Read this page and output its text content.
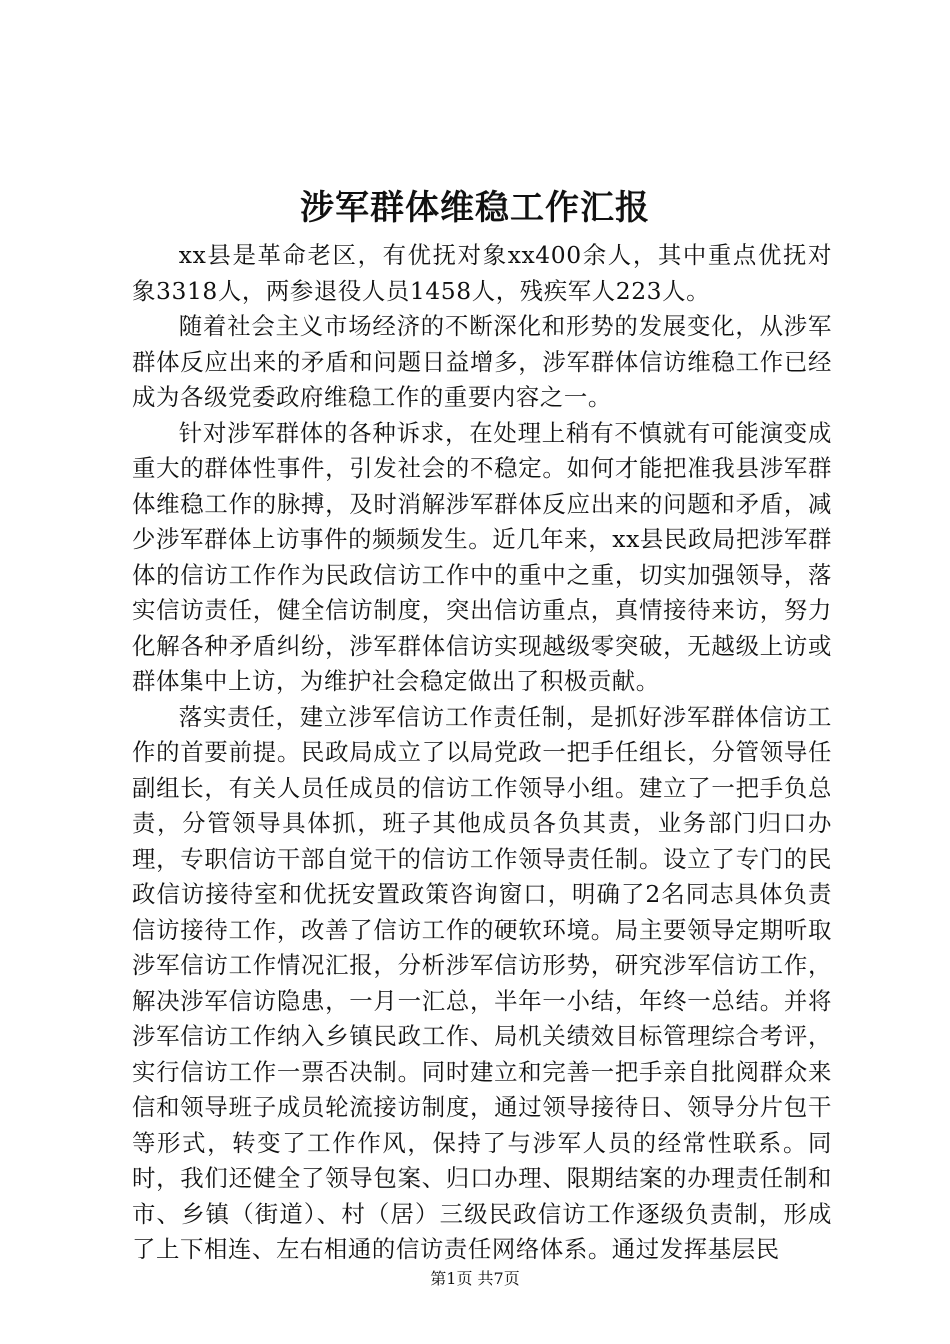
涉军群体维稳工作汇报

xx县是革命老区，有优抚对象xx400余人，其中重点优抚对象3318人，两参退役人员1458人，残疾军人223人。

随着社会主义市场经济的不断深化和形势的发展变化，从涉军群体反应出来的矛盾和问题日益增多，涉军群体信访维稳工作已经成为各级党委政府维稳工作的重要内容之一。

针对涉军群体的各种诉求，在处理上稍有不慎就有可能演变成重大的群体性事件，引发社会的不稳定。如何才能把准我县涉军群体维稳工作的脉搏，及时消解涉军群体反应出来的问题和矛盾，减少涉军群体上访事件的频频发生。近几年来，xx县民政局把涉军群体的信访工作作为民政信访工作中的重中之重，切实加强领导，落实信访责任，健全信访制度，突出信访重点，真情接待来访，努力化解各种矛盾纠纷，涉军群体信访实现越级零突破，无越级上访或群体集中上访，为维护社会稳定做出了积极贡献。

落实责任，建立涉军信访工作责任制，是抓好涉军群体信访工作的首要前提。民政局成立了以局党政一把手任组长，分管领导任副组长，有关人员任成员的信访工作领导小组。建立了一把手负总责，分管领导具体抓，班子其他成员各负其责，业务部门归口办理，专职信访干部自觉干的信访工作领导责任制。设立了专门的民政信访接待室和优抚安置政策咨询窗口，明确了2名同志具体负责信访接待工作，改善了信访工作的硬软环境。局主要领导定期听取涉军信访工作情况汇报，分析涉军信访形势，研究涉军信访工作，解决涉军信访隐患，一月一汇总，半年一小结，年终一总结。并将涉军信访工作纳入乡镇民政工作、局机关绩效目标管理综合考评，实行信访工作一票否决制。同时建立和完善一把手亲自批阅群众来信和领导班子成员轮流接访制度，通过领导接待日、领导分片包干等形式，转变了工作作风，保持了与涉军人员的经常性联系。同时，我们还健全了领导包案、归口办理、限期结案的办理责任制和市、乡镇（街道）、村（居）三级民政信访工作逐级负责制，形成了上下相连、左右相通的信访责任网络体系。通过发挥基层民

第1页 共7页
